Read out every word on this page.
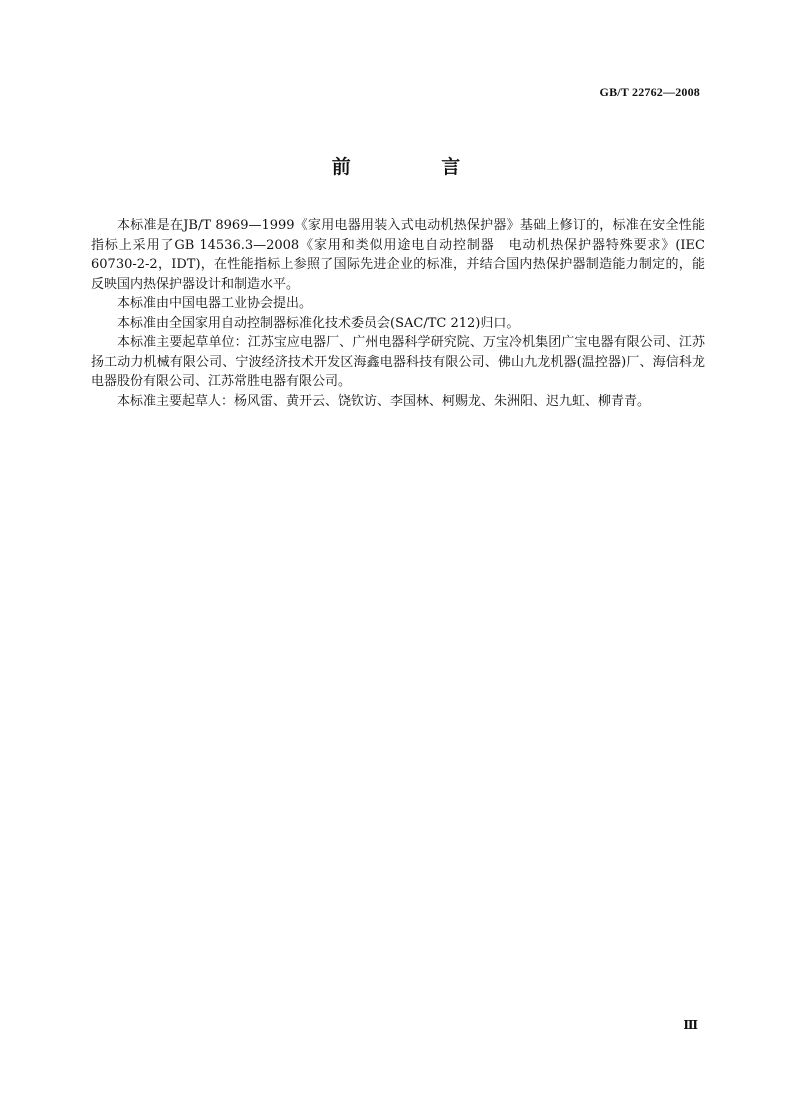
GB/T 22762—2008
前 言

本标准是在JB/T 8969—1999《家用电器用装入式电动机热保护器》基础上修订的，标准在安全性能指标上采用了GB 14536.3—2008《家用和类似用途电自动控制器　电动机热保护器特殊要求》(IEC 60730-2-2，IDT)，在性能指标上参照了国际先进企业的标准，并结合国内热保护器制造能力制定的，能反映国内热保护器设计和制造水平。

本标准由中国电器工业协会提出。

本标准由全国家用自动控制器标准化技术委员会(SAC/TC 212)归口。

本标准主要起草单位：江苏宝应电器厂、广州电器科学研究院、万宝冷机集团广宝电器有限公司、江苏扬工动力机械有限公司、宁波经济技术开发区海鑫电器科技有限公司、佛山九龙机器(温控器)厂、海信科龙电器股份有限公司、江苏常胜电器有限公司。

本标准主要起草人：杨风雷、黄开云、饶钦访、李国林、柯赐龙、朱洲阳、迟九虹、柳青青。

Ⅲ
